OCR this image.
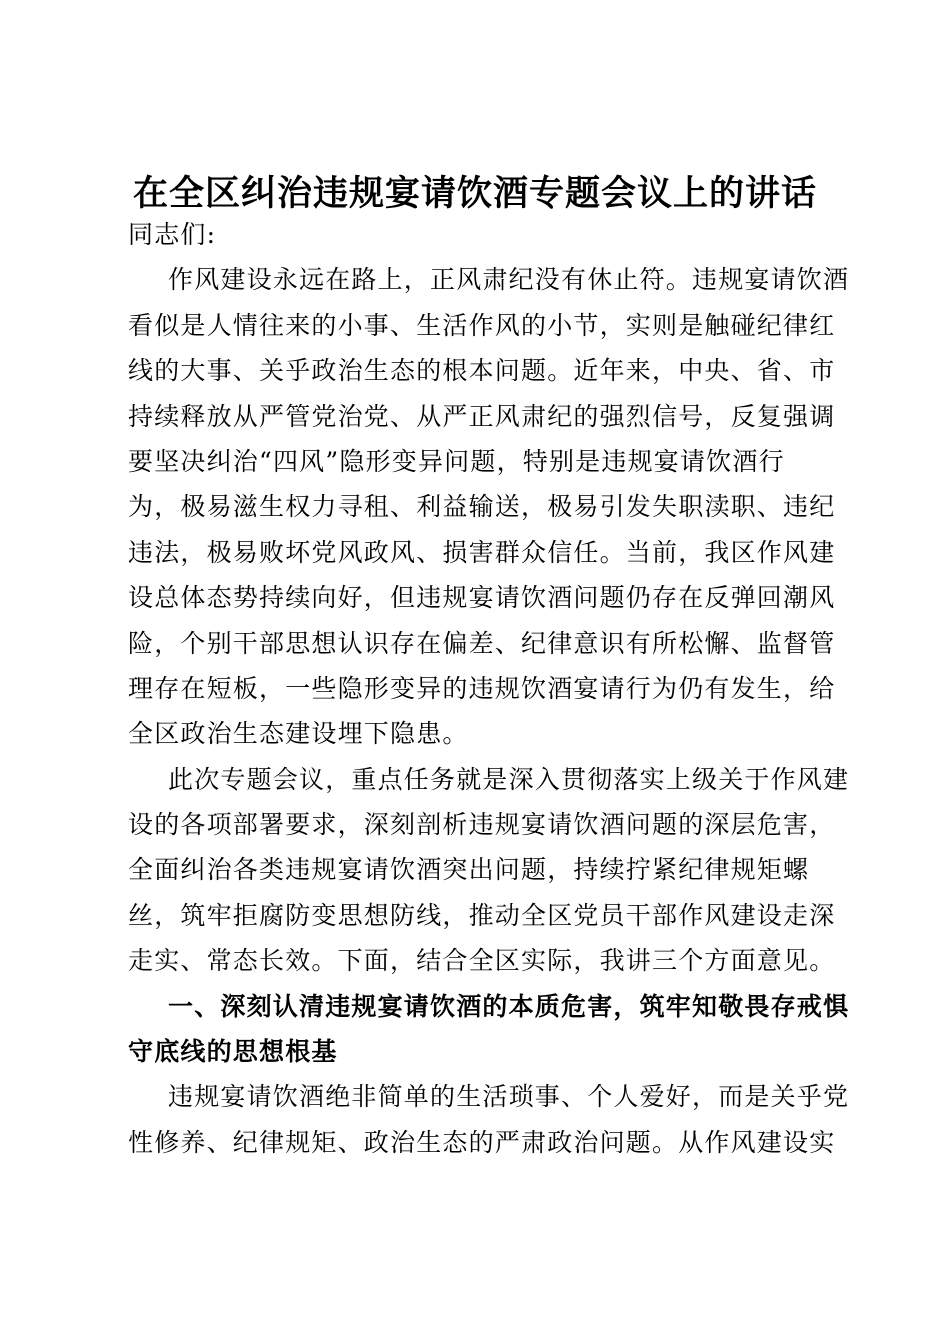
在全区纠治违规宴请饮酒专题会议上的讲话
同志们:
作风建设永远在路上，正风肃纪没有休止符。违规宴请饮酒
看似是人情往来的小事、生活作风的小节，实则是触碰纪律红
线的大事、关乎政治生态的根本问题。近年来，中央、省、市
持续释放从严管党治党、从严正风肃纪的强烈信号，反复强调
要坚决纠治“四风”隐形变异问题，特别是违规宴请饮酒行
为，极易滋生权力寻租、利益输送，极易引发失职渎职、违纪
违法，极易败坏党风政风、损害群众信任。当前，我区作风建
设总体态势持续向好，但违规宴请饮酒问题仍存在反弹回潮风
险，个别干部思想认识存在偏差、纪律意识有所松懈、监督管
理存在短板，一些隐形变异的违规饮酒宴请行为仍有发生，给
全区政治生态建设埋下隐患。
此次专题会议，重点任务就是深入贯彻落实上级关于作风建
设的各项部署要求，深刻剖析违规宴请饮酒问题的深层危害，
全面纠治各类违规宴请饮酒突出问题，持续拧紧纪律规矩螺
丝，筑牢拒腐防变思想防线，推动全区党员干部作风建设走深
走实、常态长效。下面，结合全区实际，我讲三个方面意见。
一、深刻认清违规宴请饮酒的本质危害，筑牢知敬畏存戒惧
守底线的思想根基
违规宴请饮酒绝非简单的生活琐事、个人爱好，而是关乎党
性修养、纪律规矩、政治生态的严肃政治问题。从作风建设实
